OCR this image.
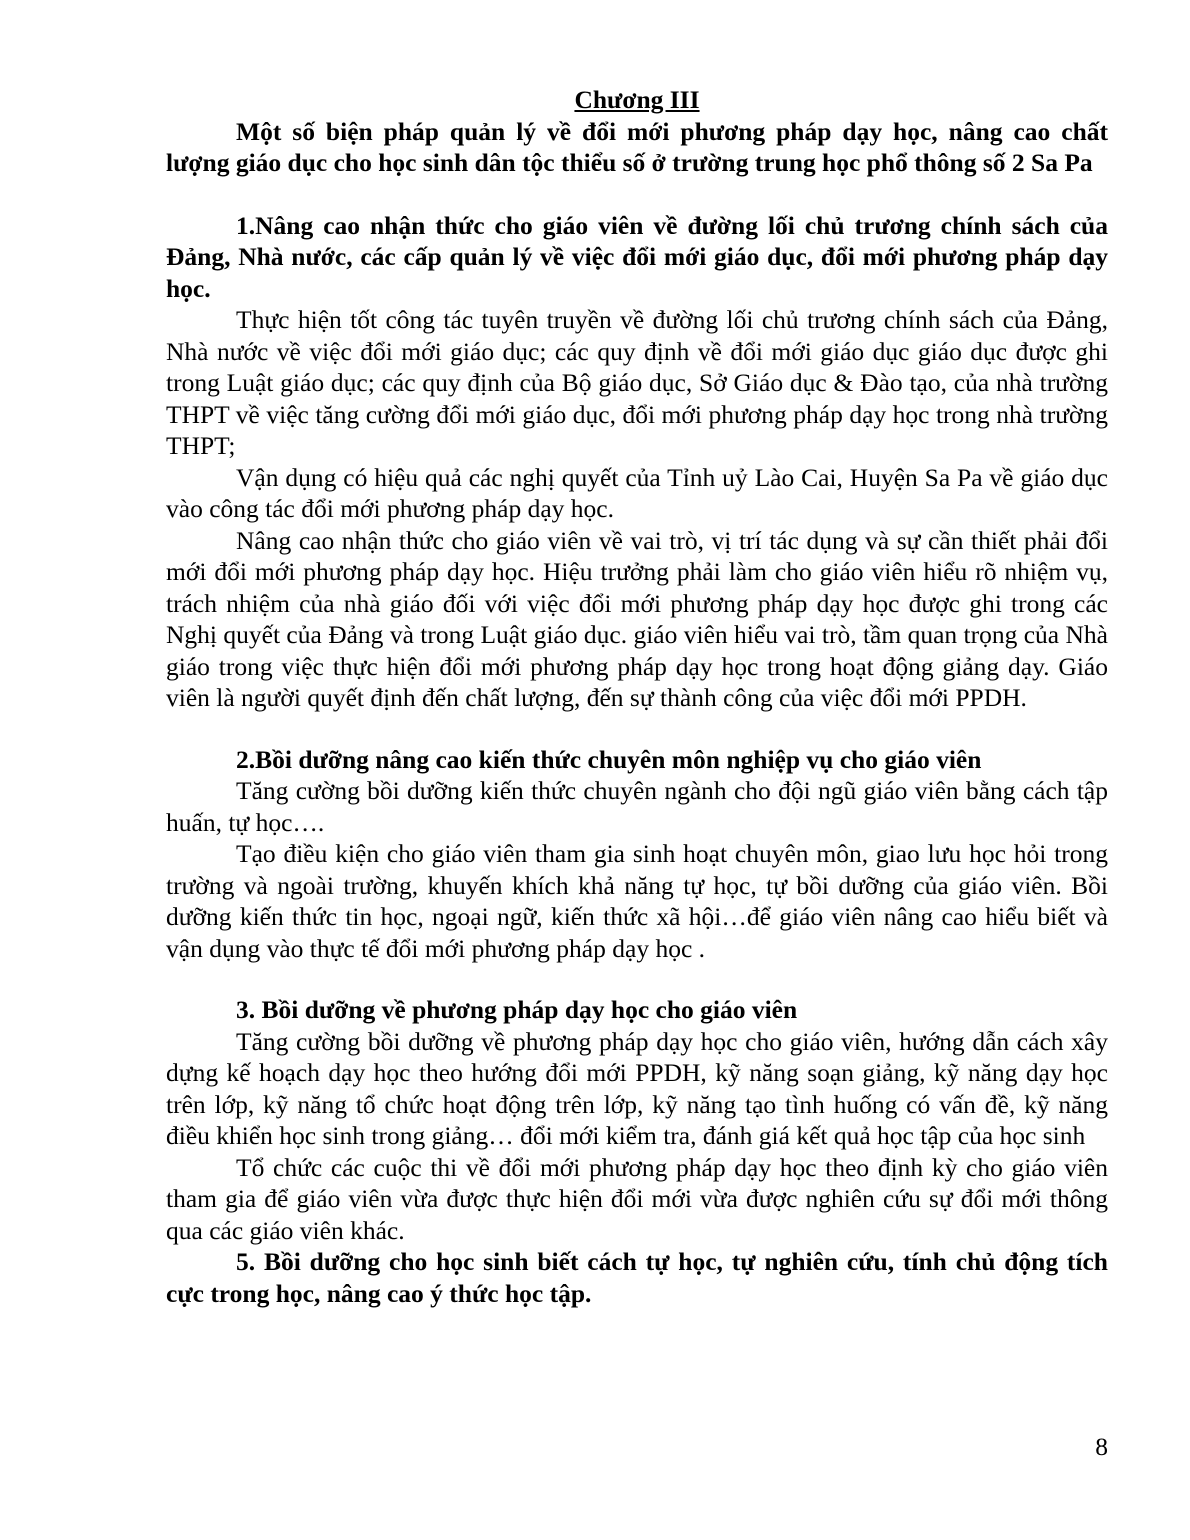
Chương III

Một số biện pháp quản lý về đổi mới phương pháp dạy học, nâng cao chất lượng giáo dục cho học sinh dân tộc thiểu số ở trường trung học phổ thông số 2 Sa Pa

1.Nâng cao nhận thức cho giáo viên về đường lối chủ trương chính sách của Đảng, Nhà nước, các cấp quản lý về việc đổi mới giáo dục, đổi mới phương pháp dạy học.

Thực hiện tốt công tác tuyên truyền về đường lối chủ trương chính sách của Đảng, Nhà nước về việc đổi mới giáo dục; các quy định về đổi mới giáo dục giáo dục được ghi trong Luật giáo dục; các quy định của Bộ giáo dục, Sở Giáo dục & Đào tạo, của nhà trường THPT về việc tăng cường đổi mới giáo dục, đổi mới phương pháp dạy học trong nhà trường THPT;

Vận dụng có hiệu quả các nghị quyết của Tỉnh uỷ Lào Cai, Huyện Sa Pa về giáo dục vào công tác đổi mới phương pháp dạy học.

Nâng cao nhận thức cho giáo viên về vai trò, vị trí tác dụng và sự cần thiết phải đổi mới đổi mới phương pháp dạy học. Hiệu trưởng phải làm cho giáo viên hiểu rõ nhiệm vụ, trách nhiệm của nhà giáo đối với việc đổi mới phương pháp dạy học được ghi trong các Nghị quyết của Đảng và trong Luật giáo dục. giáo viên hiểu vai trò, tầm quan trọng của Nhà giáo trong việc thực hiện đổi mới phương pháp dạy học trong hoạt động giảng dạy. Giáo viên là người quyết định đến chất lượng, đến sự thành công của việc đổi mới PPDH.

2.Bồi dưỡng nâng cao kiến thức chuyên môn nghiệp vụ cho giáo viên

Tăng cường bồi dưỡng kiến thức chuyên ngành cho đội ngũ giáo viên bằng cách tập huấn, tự học….

Tạo điều kiện cho giáo viên tham gia sinh hoạt chuyên môn, giao lưu học hỏi trong trường và ngoài trường, khuyến khích khả năng tự học, tự bồi dưỡng của giáo viên. Bồi dưỡng kiến thức tin học, ngoại ngữ, kiến thức xã hội…để giáo viên nâng cao hiểu biết và vận dụng vào thực tế đổi mới phương pháp dạy học .

3. Bồi dưỡng về phương pháp dạy học cho giáo viên

Tăng cường bồi dưỡng về phương pháp dạy học cho giáo viên, hướng dẫn cách xây dựng kế hoạch dạy học theo hướng đổi mới PPDH, kỹ năng soạn giảng, kỹ năng dạy học trên lớp, kỹ năng tổ chức hoạt động trên lớp, kỹ năng tạo tình huống có vấn đề, kỹ năng điều khiển học sinh trong giảng… đổi mới kiểm tra, đánh giá kết quả học tập của học sinh

Tổ chức các cuộc thi về đổi mới phương pháp dạy học theo định kỳ cho giáo viên tham gia để giáo viên vừa được thực hiện đổi mới vừa được nghiên cứu sự đổi mới thông qua các giáo viên khác.

5. Bồi dưỡng cho học sinh biết cách tự học, tự nghiên cứu, tính chủ động tích cực trong học, nâng cao ý thức học tập.

8
